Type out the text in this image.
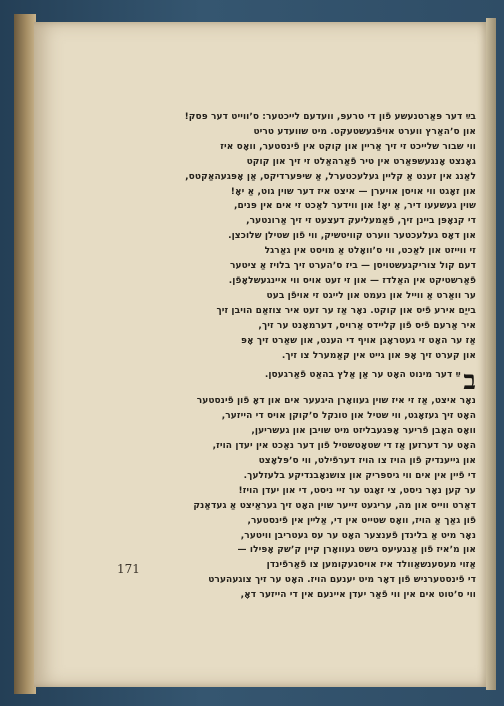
בײַ דער פּאַרטנעשע פֿון די טרעפּ, וועדעם לייכטער: סʼווייט דער פּסק!
און סʼהאַרץ ווערט אויפֿגעשטעקט. מיט שוועדע טריט
ווי שבור שלייכט זי זיך אַריין און קוקט אין פֿינסטער, וואָס איז
גאָנצט אָנגעשפּאַרט אין טיר פֿאַרהאַלט זי זיך און קוקט
לאַנג אין זענט אַ קליין געלעכטערל, אַ שיפּערדיקס, אַן אָפּגעהאַקטס,
און זאָגט ווי אויסן אויערן — איצט איז דער שוין גוט, אַ יאָ!
שוין געשעעו דיר, אַ יאָ! און ווידער לאַכט זי אים אין פּנים,
די קנאָפּן ביינן זיך, פֿאַמעליעק דעצעט זי זיך אַרונטער,
און דאָס געלעכטער ווערט קוויטשיק, ווי פֿון שטילן שלוכצן.
זי ווייזט און לאַכט, ווי סʼוואָלט אַ מויסט אין גאַרגל
דעם קול צוריקגעשטויסן — ביז סʼהערט זיך בלויז אַ ציטער
פֿאַרשטיקט אין האַלדז — און זי זעט אויס ווי איינגעשלאָפֿן.
ער וואַרט אַ ווייל און נעמט און לייגט זי אויפֿן בעט
בייַם אירע פֿיס און קוקט. נאָר אַז ער זעט איר צוזאַם הויבן זיך
איר אַרעם פֿיס פֿון קליידס אַרויס, דערמאָנט ער זיך,
אַז ער האָט זי געטראָגן אויף די הענט, און שאַרט זיך אָפּ
און קערט זיך אָפּ און גייט אין קאַמערל צו זיך.
ב
ײַ דער מינוט האָט ער אַן אַלץ בהאַט פֿאַרגעסן.
נאָר איצט, אַז זי איז שוין געוואָרן היגעער אים און דאָ פֿון פֿינסטער
האָט זיך געזאָגט, ווי שטיל און טונקל סʼקוקן אויס די הייזער,
וואָס האָבן פֿריער אָפּגעבליזט מיט שויבן און געשריען,
האָט ער דערזען אַז די שטאָטשטיל פֿון דער נאַכט אין יעדן הויז,
און גייענדיק פֿון הויז צו הויז דערפֿילט, ווי סʼפּלאָצט
די פֿיין אין אים ווי גיספּריק און צושנאָבנדיקע בלעזלעך.
ער קען נאָר ניסט, צי זאָגט ער זיי ניסט, די און יעדן הויז!
דאַרט ווייס און מה, עריגעט זייער שוין האָט זיך געראַיצט אַ געדאַנק
פֿון גאַך אַ הויז, וואָס שטייט אין די, אַלײן אין פֿינסטער,
נאָר מיט אַ בלינדן פֿענצער האָט ער עס געטריבן וויטער,
און מʼאיז פֿון אַנגעיעס גישט געוואָרן קיין קʼשק אָפּילו —
אַזוי מעסענשאַוולד איז אויסגעקומען צו פֿאַרפֿינדן
די פֿינסטערניש פֿון דאָר מיט יענעם הויז. האָט ער זיך צוגעהערט
ווי סʼטוט אים אין ווי פֿאַר יעדן איינעם אין די הייזער דאָ,
171
